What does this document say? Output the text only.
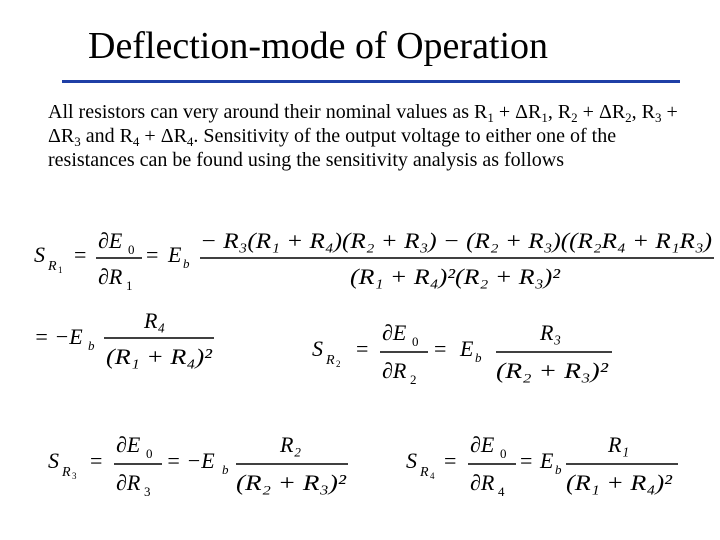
Deflection-mode of Operation
All resistors can very around their nominal values as $R_1 + \Delta R_1$, $R_2 + \Delta R_2$, $R_3 + \Delta R_3$ and $R_4 + \Delta R_4$. Sensitivity of the output voltage to either one of the resistances can be found using the sensitivity analysis as follows
S R 1
=
∂E 0
∂R 1
= E b
− R₃(R₁ + R₄)(R₂ + R₃) − (R₂ + R₃)((R₂R₄ + R₁R₃)
(R₁ + R₄)²(R₂ + R₃)²
= −E b
R₄
(R₁ + R₄)²	S R 2
=
∂E 0
∂R 2
= E b
R₃
(R₂ + R₃)²
S R 3
=
∂E 0
∂R 3
= −E b
R₂
(R₂ + R₃)²
S R 4
=
∂E 0
∂R 4
= E b
R₁
(R₁ + R₄)²
